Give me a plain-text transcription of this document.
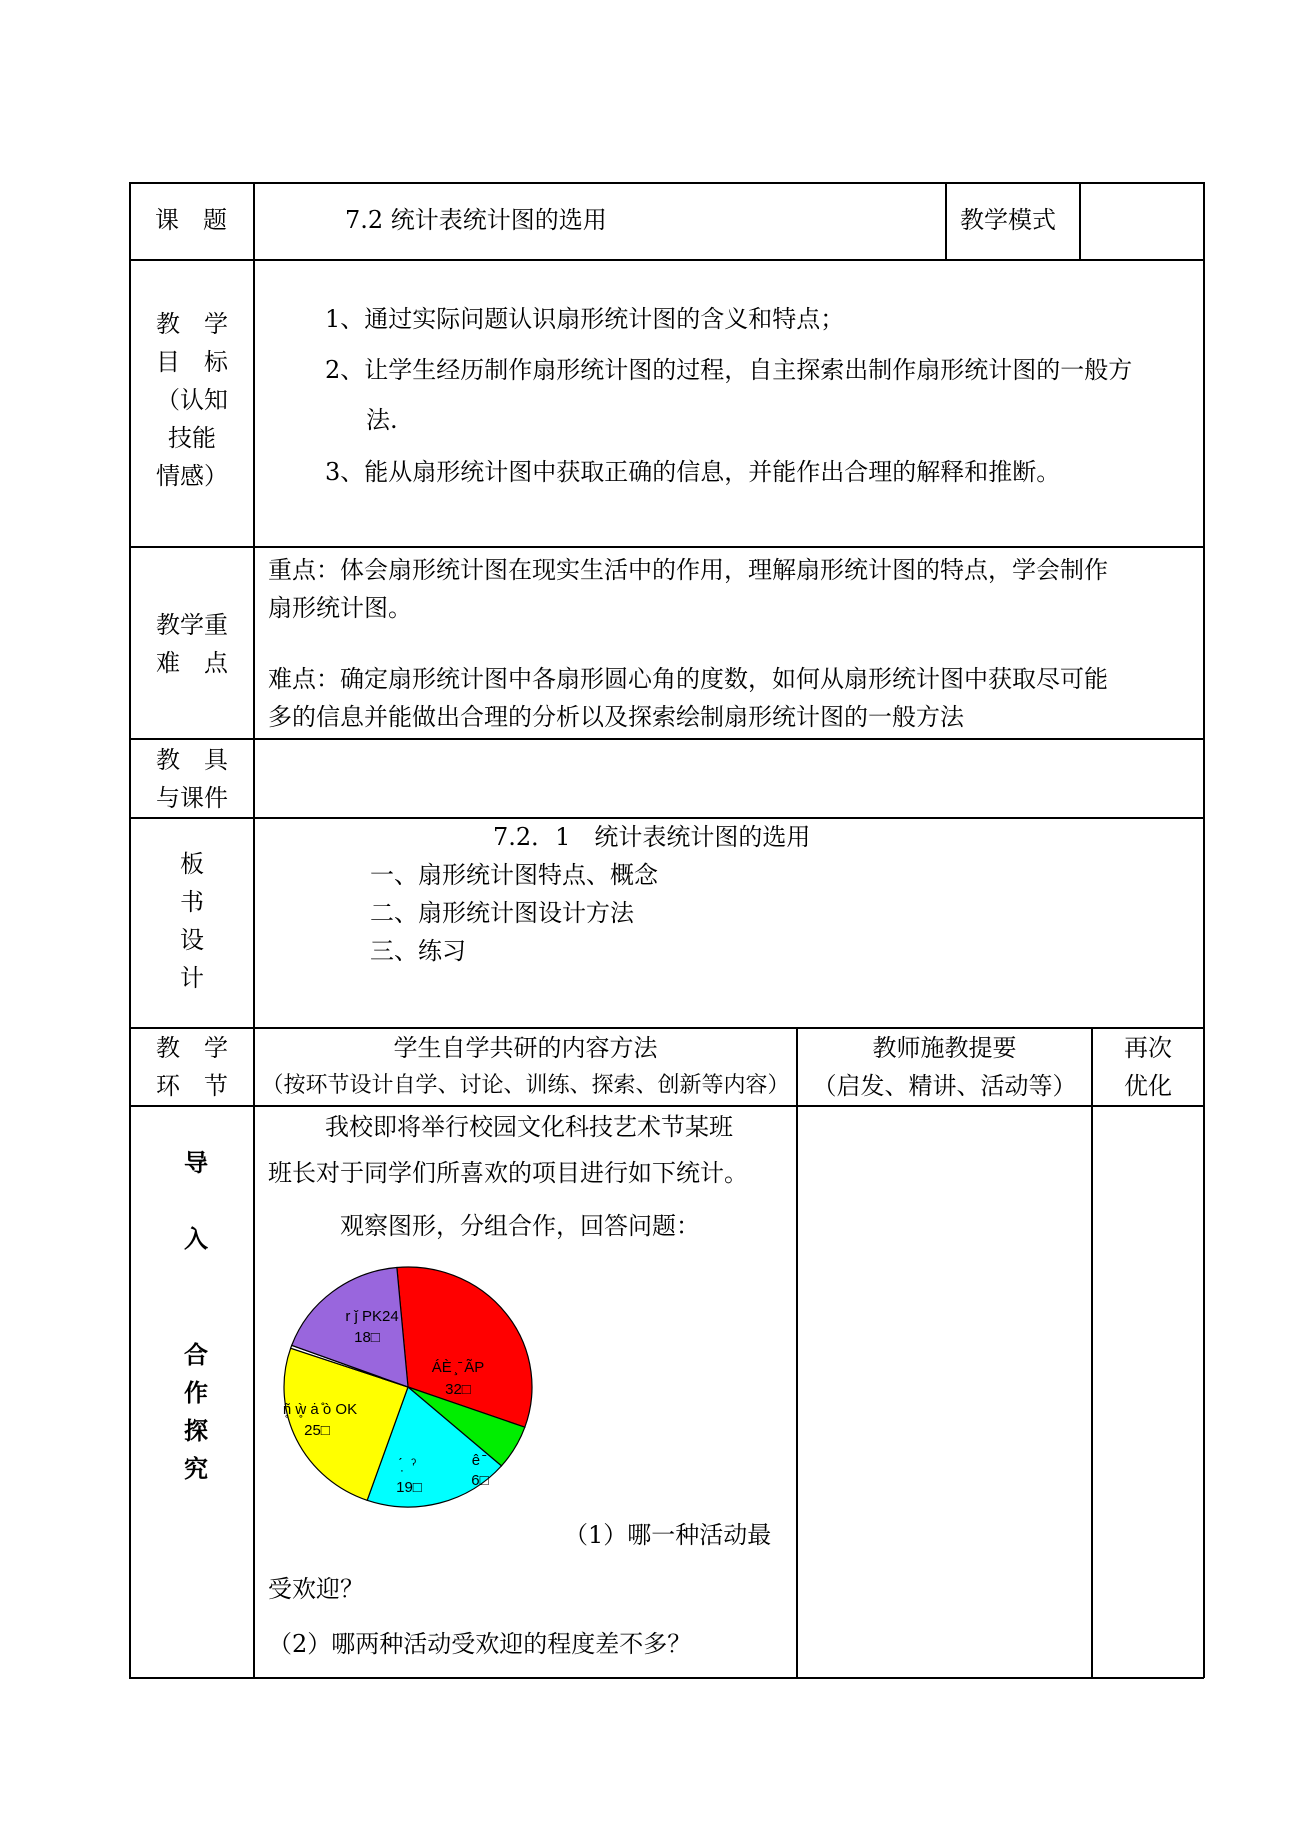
课　题	7.2 统计表统计图的选用	教学模式
教　学
目　标
（认知
技能
情感）
1、通过实际问题认识扇形统计图的含义和特点；
2、让学生经历制作扇形统计图的过程，自主探索出制作扇形统计图的一般方
法.
3、能从扇形统计图中获取正确的信息，并能作出合理的解释和推断。
教学重
难　点
重点：体会扇形统计图在现实生活中的作用，理解扇形统计图的特点，学会制作
扇形统计图。
难点：确定扇形统计图中各扇形圆心角的度数，如何从扇形统计图中获取尽可能
多的信息并能做出合理的分析以及探索绘制扇形统计图的一般方法
教　具
与课件
板
书
设
计
7.2．1　统计表统计图的选用
一、扇形统计图特点、概念
二、扇形统计图设计方法
三、练习
教　学
环　节
学生自学共研的内容方法
（按环节设计自学、讨论、训练、探索、创新等内容）
教师施教提要
（启发、精讲、活动等）
再次
优化
导
入
合
作
探
究
我校即将举行校园文化科技艺术节某班
班长对于同学们所喜欢的项目进行如下统计。
观察图形，分组合作，回答问题：
r ǰ PK24
18□
ÁÈ ̧ ̄ ÃP
32□
ñ̥ ẁ̥ ȧ ̊ò OK
25□
ˊ ̣ ˀ
19□
ê ̄
6□
（1）哪一种活动最
受欢迎？
（2）哪两种活动受欢迎的程度差不多？
